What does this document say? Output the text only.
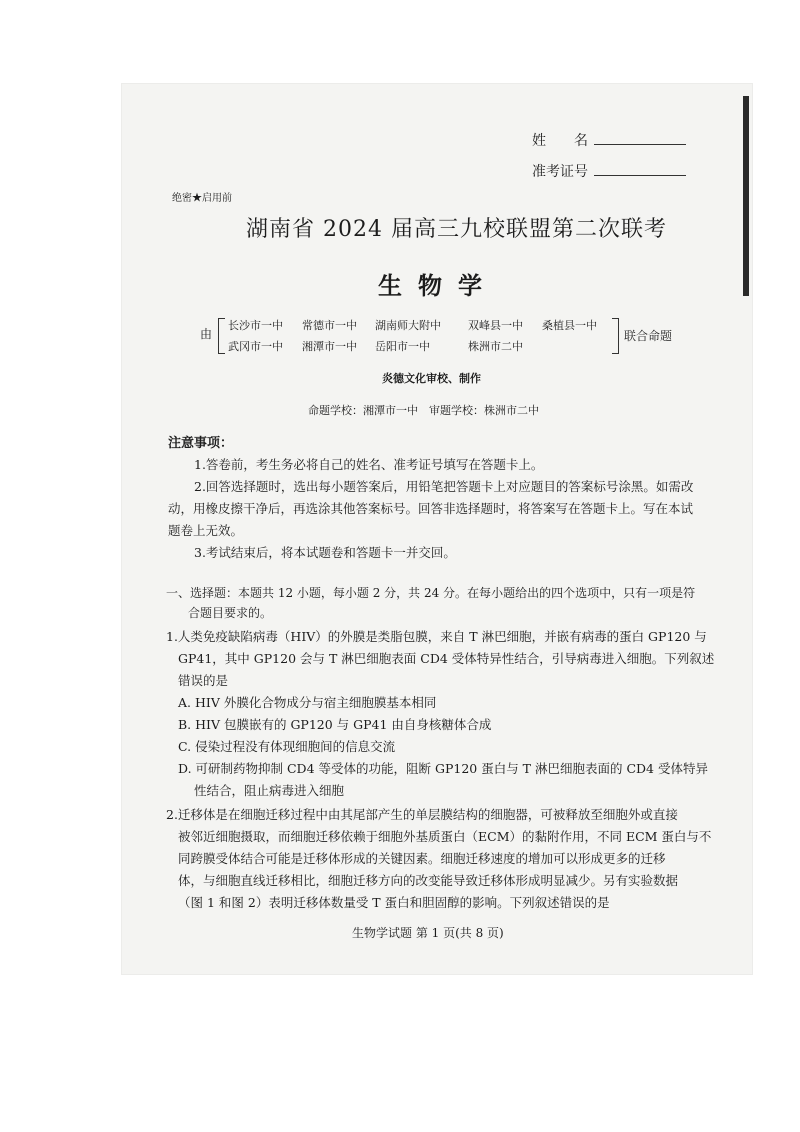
姓　　名
准考证号
绝密★启用前
湖南省 2024 届高三九校联盟第二次联考
生物学
由
长沙市一中 常德市一中 湖南师大附中 双峰县一中 桑植县一中
武冈市一中 湘潭市一中 岳阳市一中	株洲市二中
联合命题
炎德文化审校、制作
命题学校：湘潭市一中　审题学校：株洲市二中
注意事项：
1.答卷前，考生务必将自己的姓名、准考证号填写在答题卡上。
2.回答选择题时，选出每小题答案后，用铅笔把答题卡上对应题目的答案标号涂黑。如需改
动，用橡皮擦干净后，再选涂其他答案标号。回答非选择题时，将答案写在答题卡上。写在本试
题卷上无效。
3.考试结束后，将本试题卷和答题卡一并交回。
一、选择题：本题共 12 小题，每小题 2 分，共 24 分。在每小题给出的四个选项中，只有一项是符
合题目要求的。
1.人类免疫缺陷病毒（HIV）的外膜是类脂包膜，来自 T 淋巴细胞，并嵌有病毒的蛋白 GP120 与
GP41，其中 GP120 会与 T 淋巴细胞表面 CD4 受体特异性结合，引导病毒进入细胞。下列叙述
错误的是
A. HIV 外膜化合物成分与宿主细胞膜基本相同
B. HIV 包膜嵌有的 GP120 与 GP41 由自身核糖体合成
C. 侵染过程没有体现细胞间的信息交流
D. 可研制药物抑制 CD4 等受体的功能，阻断 GP120 蛋白与 T 淋巴细胞表面的 CD4 受体特异
性结合，阻止病毒进入细胞
2.迁移体是在细胞迁移过程中由其尾部产生的单层膜结构的细胞器，可被释放至细胞外或直接
被邻近细胞摄取，而细胞迁移依赖于细胞外基质蛋白（ECM）的黏附作用，不同 ECM 蛋白与不
同跨膜受体结合可能是迁移体形成的关键因素。细胞迁移速度的增加可以形成更多的迁移
体，与细胞直线迁移相比，细胞迁移方向的改变能导致迁移体形成明显减少。另有实验数据
（图 1 和图 2）表明迁移体数量受 T 蛋白和胆固醇的影响。下列叙述错误的是
生物学试题 第 1 页(共 8 页)
